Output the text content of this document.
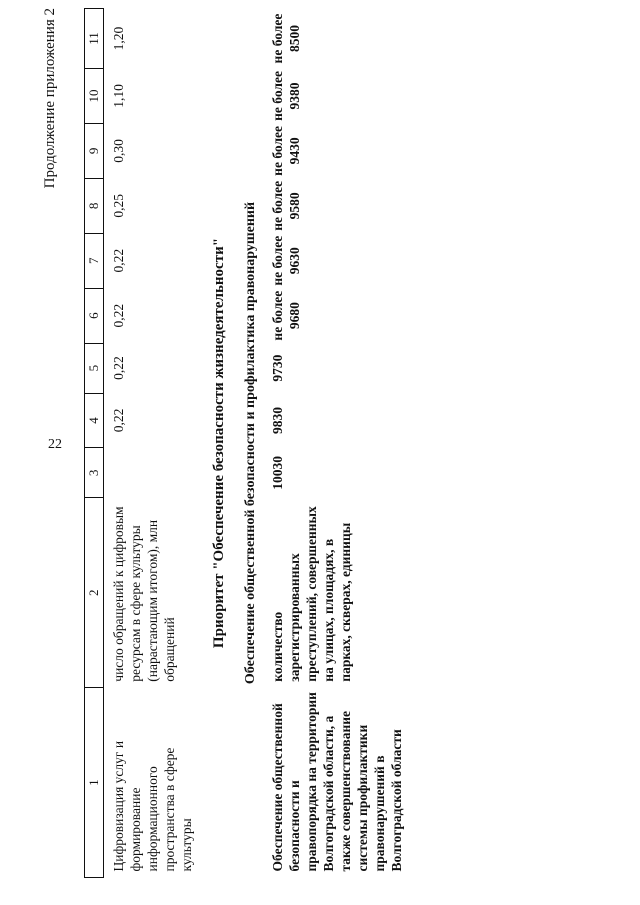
22
Продолжение приложения 2
1	2	3	4	5	6	7	8	9	10	11
Цифровизация услуг и формирование информационного пространства в сфере культуры	число обращений к цифровым ресурсам в сфере культуры (нарастающим итогом), млн обращений		0,22	0,22	0,22	0,22	0,25	0,30	1,10	1,20
Приоритет "Обеспечение безопасности жизнедеятельности"										
Обеспечение общественной безопасности и профилактика правонарушений										
Обеспечение общественной безопасности и правопорядка на территории Волгоградской области, а также совершенствование системы профилактики правонарушений в Волгоградской области	количество зарегистрированных преступлений, совершенных на улицах, площадях, в парках, скверах, единицы	10030	9830	9730	не более 9680	не более 9630	не более 9580	не более 9430	не более 9380	не более 8500
